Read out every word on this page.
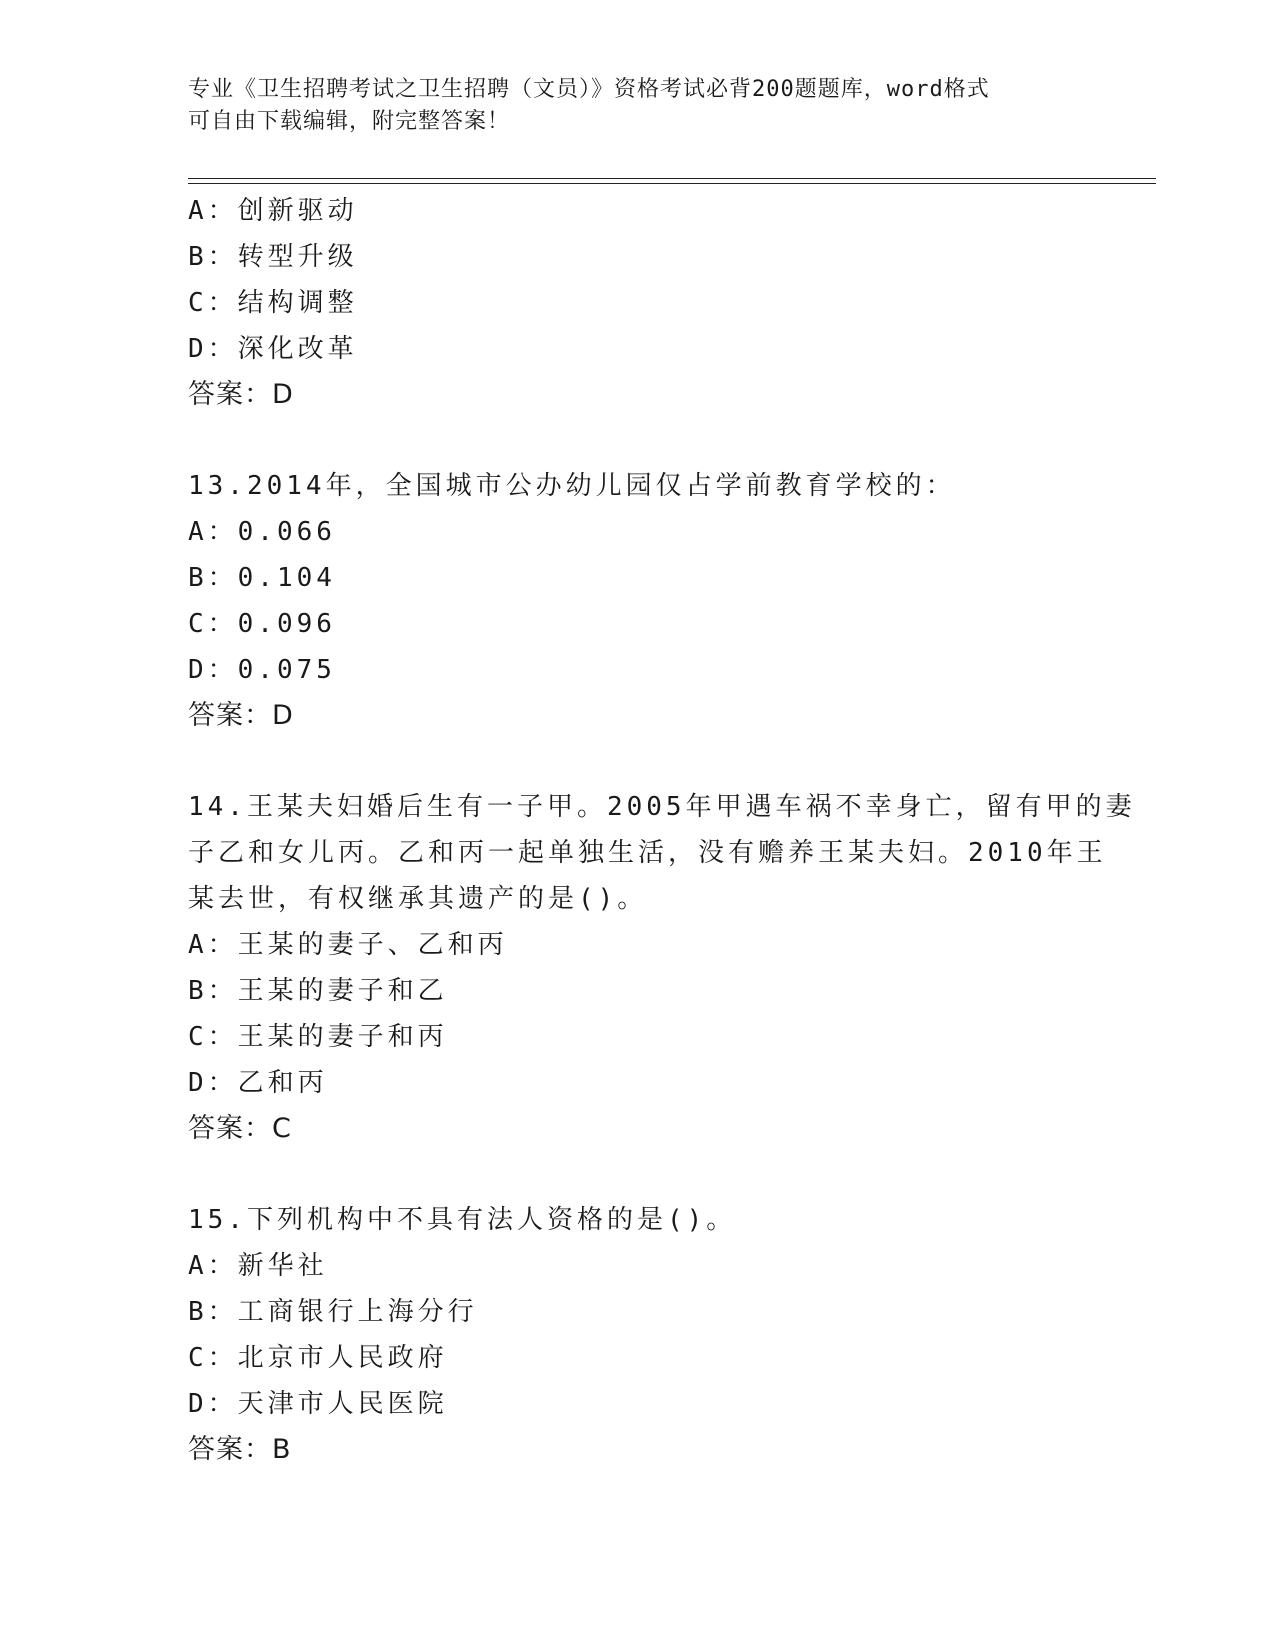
专业《卫生招聘考试之卫生招聘（文员）》资格考试必背200题题库，word格式
可自由下载编辑，附完整答案！
A：创新驱动
B：转型升级
C：结构调整
D：深化改革
答案：D
13.2014年，全国城市公办幼儿园仅占学前教育学校的：
A：0.066
B：0.104
C：0.096
D：0.075
答案：D
14.王某夫妇婚后生有一子甲。2005年甲遇车祸不幸身亡，留有甲的妻
子乙和女儿丙。乙和丙一起单独生活，没有赡养王某夫妇。2010年王
某去世，有权继承其遗产的是()。
A：王某的妻子、乙和丙
B：王某的妻子和乙
C：王某的妻子和丙
D：乙和丙
答案：C
15.下列机构中不具有法人资格的是()。
A：新华社
B：工商银行上海分行
C：北京市人民政府
D：天津市人民医院
答案：B
